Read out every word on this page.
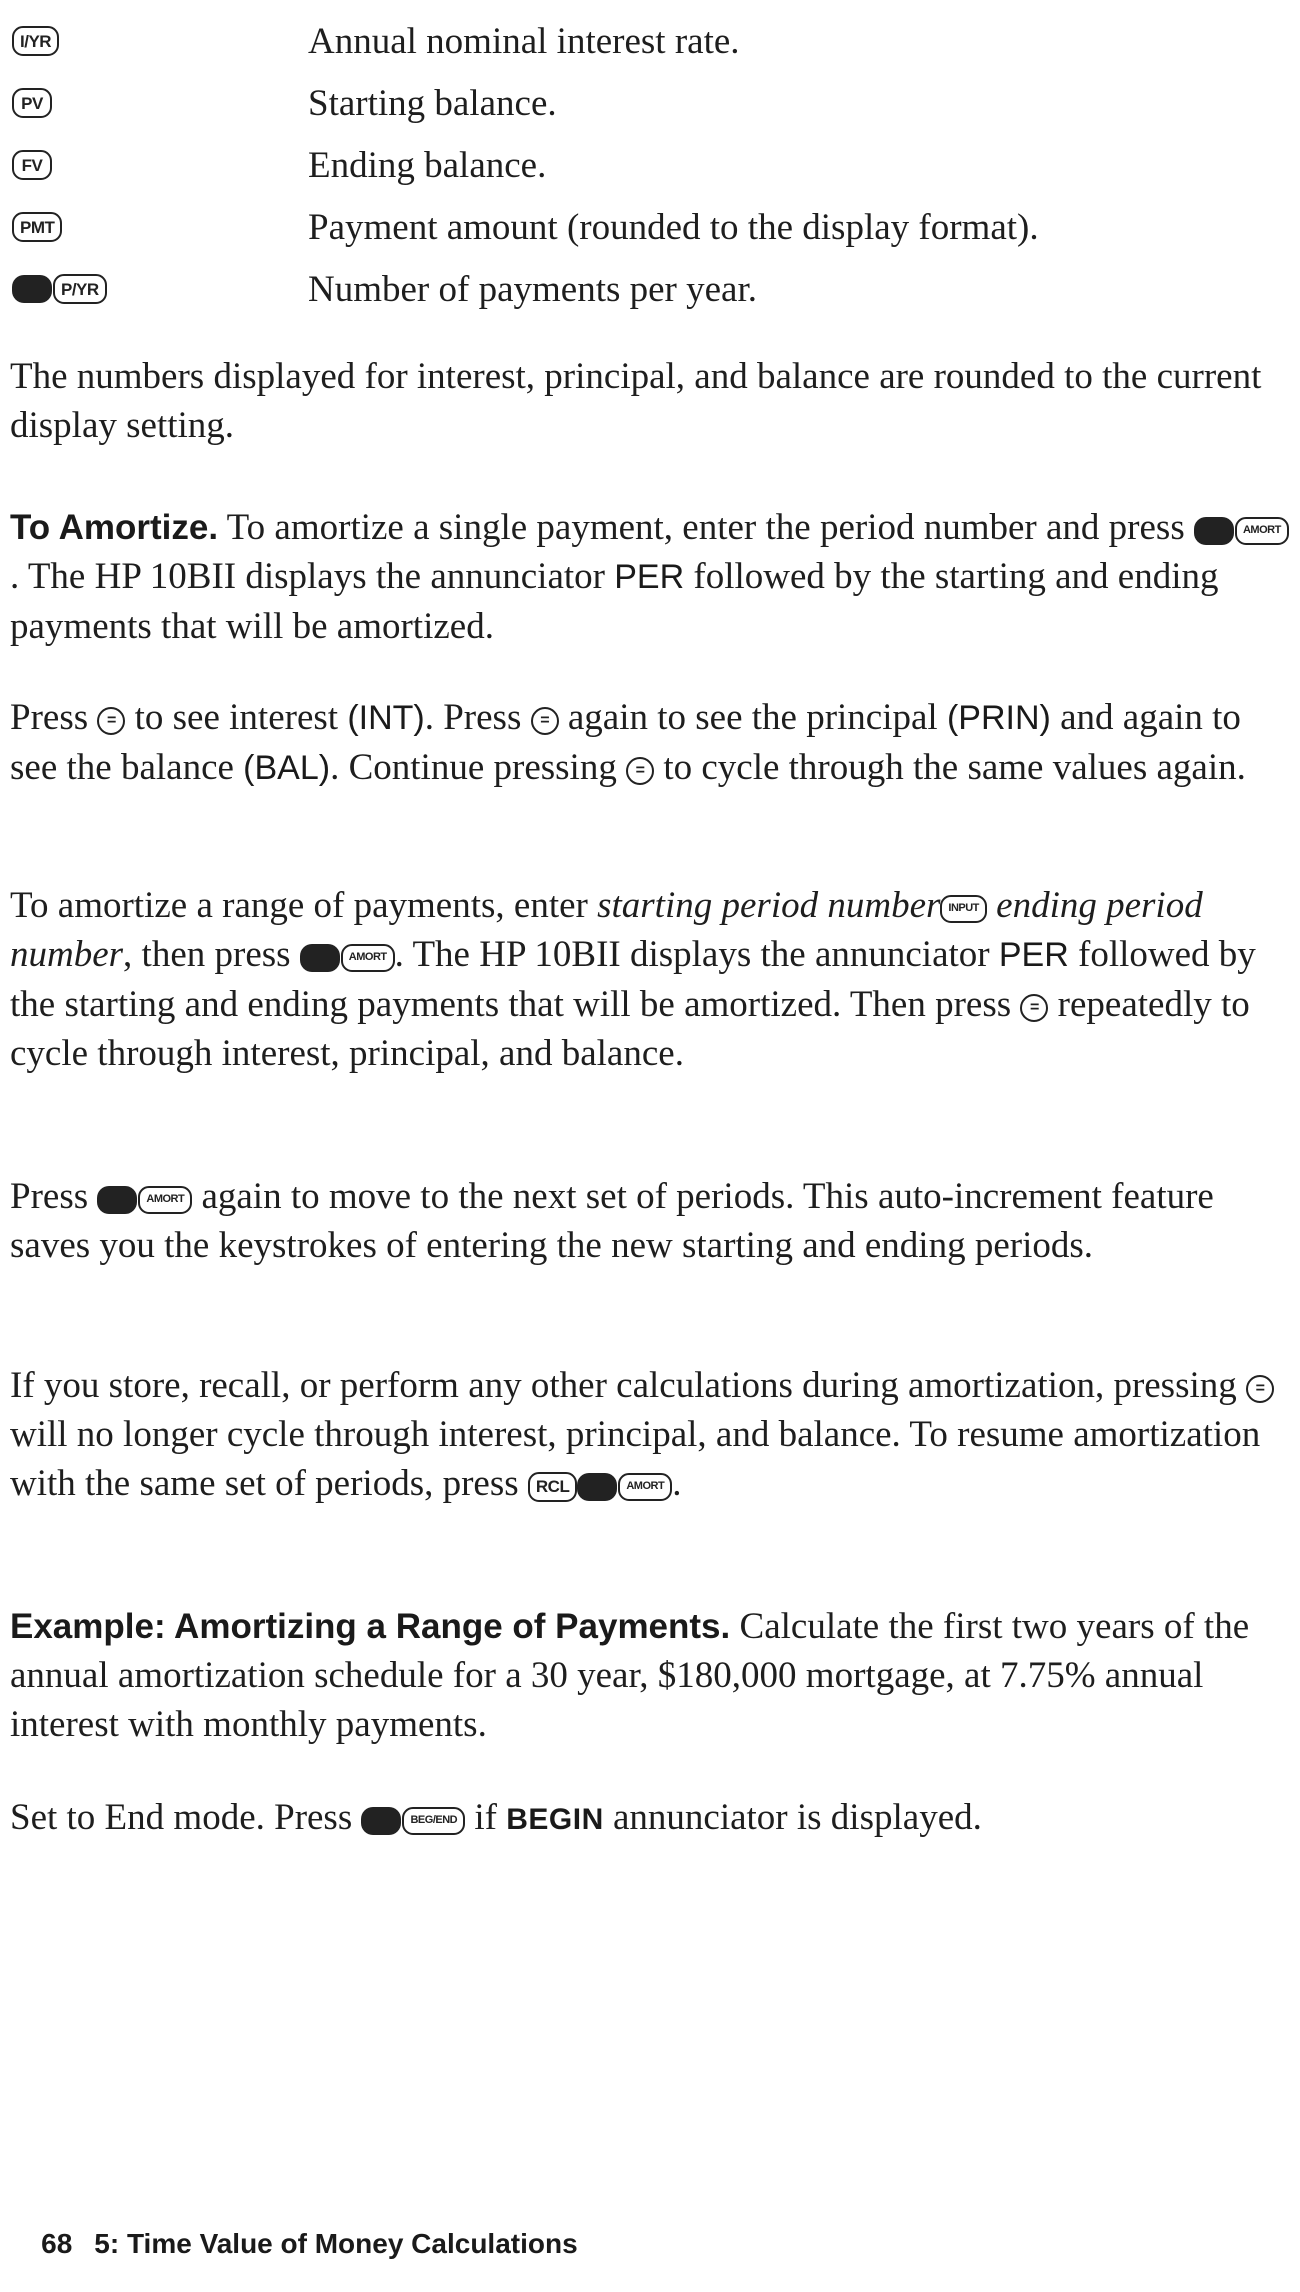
I/YR	Annual nominal interest rate.
PV	Starting balance.
FV	Ending balance.
PMT	Payment amount (rounded to the display format).
P/YR	Number of payments per year.

The numbers displayed for interest, principal, and balance are rounded to the current display setting.

To Amortize. To amortize a single payment, enter the period number and press	AMORT. The HP 10BII displays the annunciator PER followed by the starting and ending payments that will be amortized.

Press = to see interest (INT). Press = again to see the principal (PRIN) and again to see the balance (BAL). Continue pressing = to cycle through the same values again.

To amortize a range of payments, enter starting period number INPUT ending period number, then press	AMORT . The HP 10BII displays the annunciator PER followed by the starting and ending payments that will be amortized. Then press = repeatedly to cycle through interest, principal, and balance.

Press	AMORT again to move to the next set of periods. This auto-increment feature saves you the keystrokes of entering the new starting and ending periods.

If you store, recall, or perform any other calculations during amortization, pressing = will no longer cycle through interest, principal, and balance. To resume amortization with the same set of periods, press RCL	AMORT .

Example: Amortizing a Range of Payments. Calculate the first two years of the annual amortization schedule for a 30 year, $180,000 mortgage, at 7.75% annual interest with monthly payments.

Set to End mode. Press	BEG/END if BEGIN annunciator is displayed.

68 5: Time Value of Money Calculations
